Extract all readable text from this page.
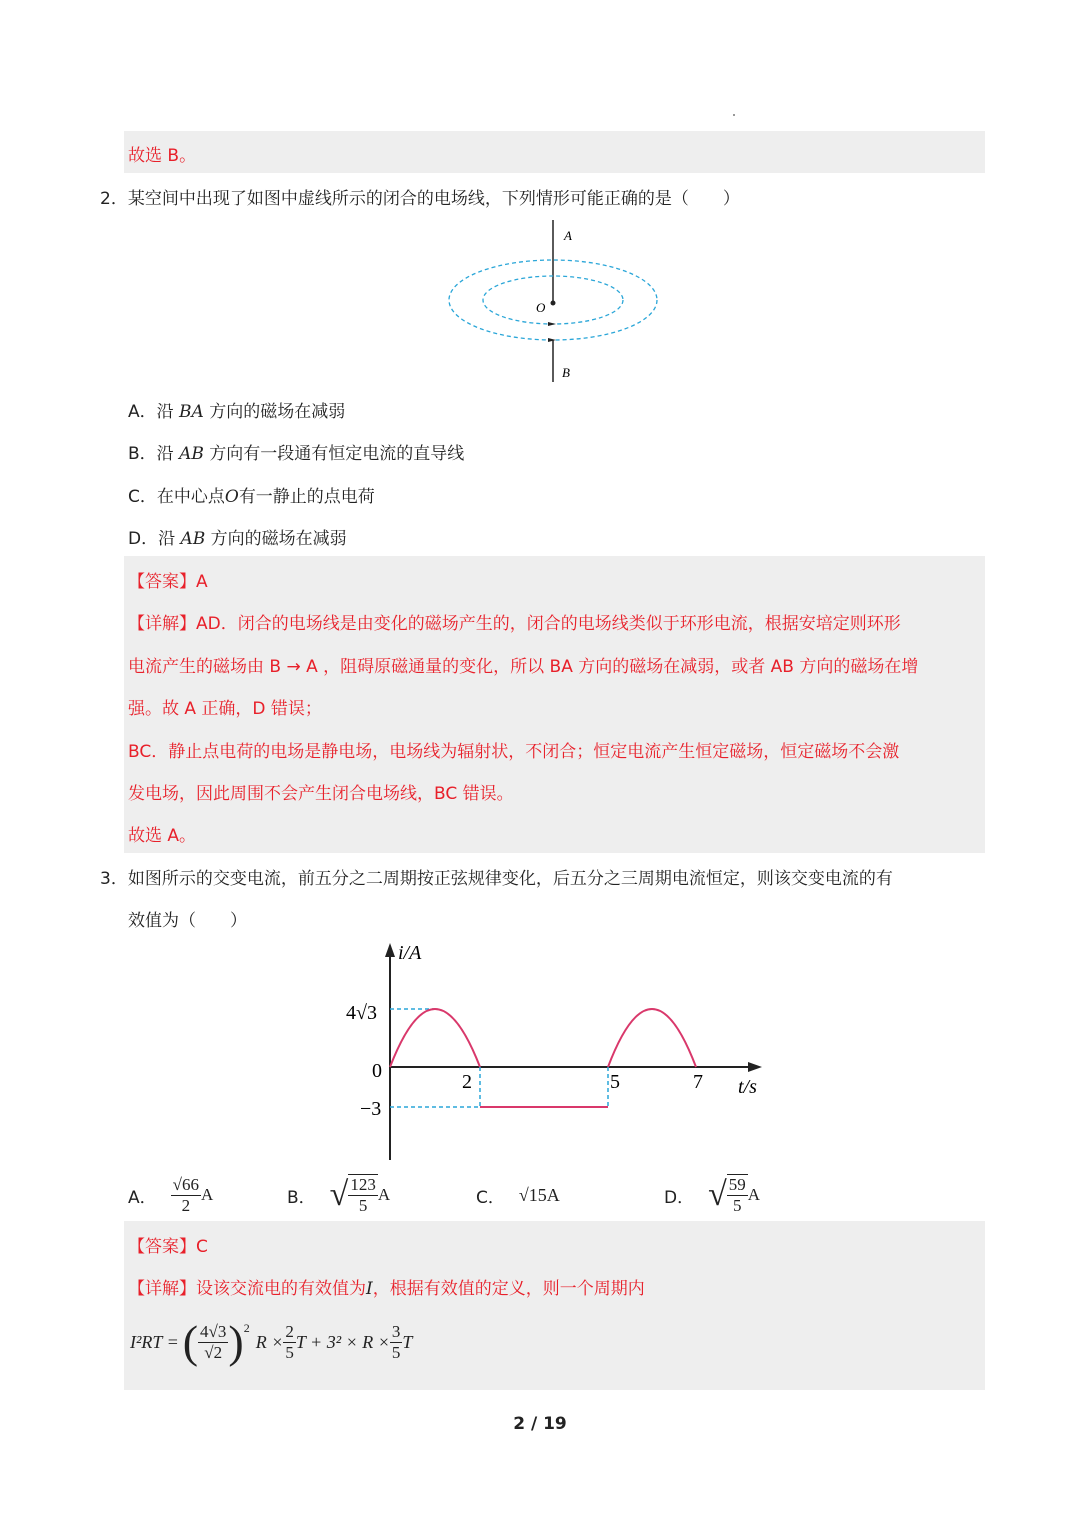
故选 B。
2．某空间中出现了如图中虚线所示的闭合的电场线，下列情形可能正确的是（　　）
A
O
B
A．沿 BA 方向的磁场在减弱
B．沿 AB 方向有一段通有恒定电流的直导线
C．在中心点O有一静止的点电荷
D．沿 AB 方向的磁场在减弱
【答案】A
【详解】AD．闭合的电场线是由变化的磁场产生的，闭合的电场线类似于环形电流，根据安培定则环形
电流产生的磁场由 B → A ，阻碍原磁通量的变化，所以 BA 方向的磁场在减弱，或者 AB 方向的磁场在增
强。故 A 正确，D 错误；
BC．静止点电荷的电场是静电场，电场线为辐射状，不闭合；恒定电流产生恒定磁场，恒定磁场不会激
发电场，因此周围不会产生闭合电场线，BC 错误。
故选 A。
3．如图所示的交变电流，前五分之二周期按正弦规律变化，后五分之三周期电流恒定，则该交变电流的有
效值为（　　）
i/A
t/s
0
4√3
−3
2	5	7
A． $\frac{√66}{2}$ A	B． √ $\frac{123}{5}$ A	C． √15 A	D． √ $\frac{59}{5}$ A
【答案】C
【详解】设该交流电的有效值为I，根据有效值的定义，则一个周期内
I²RT = ( $\frac{4√3}{√2}$ ) 2
$R \times \frac{2}{5}$ $T + 3^2 \times R \times \frac{3}{5}$ T
2 / 19
